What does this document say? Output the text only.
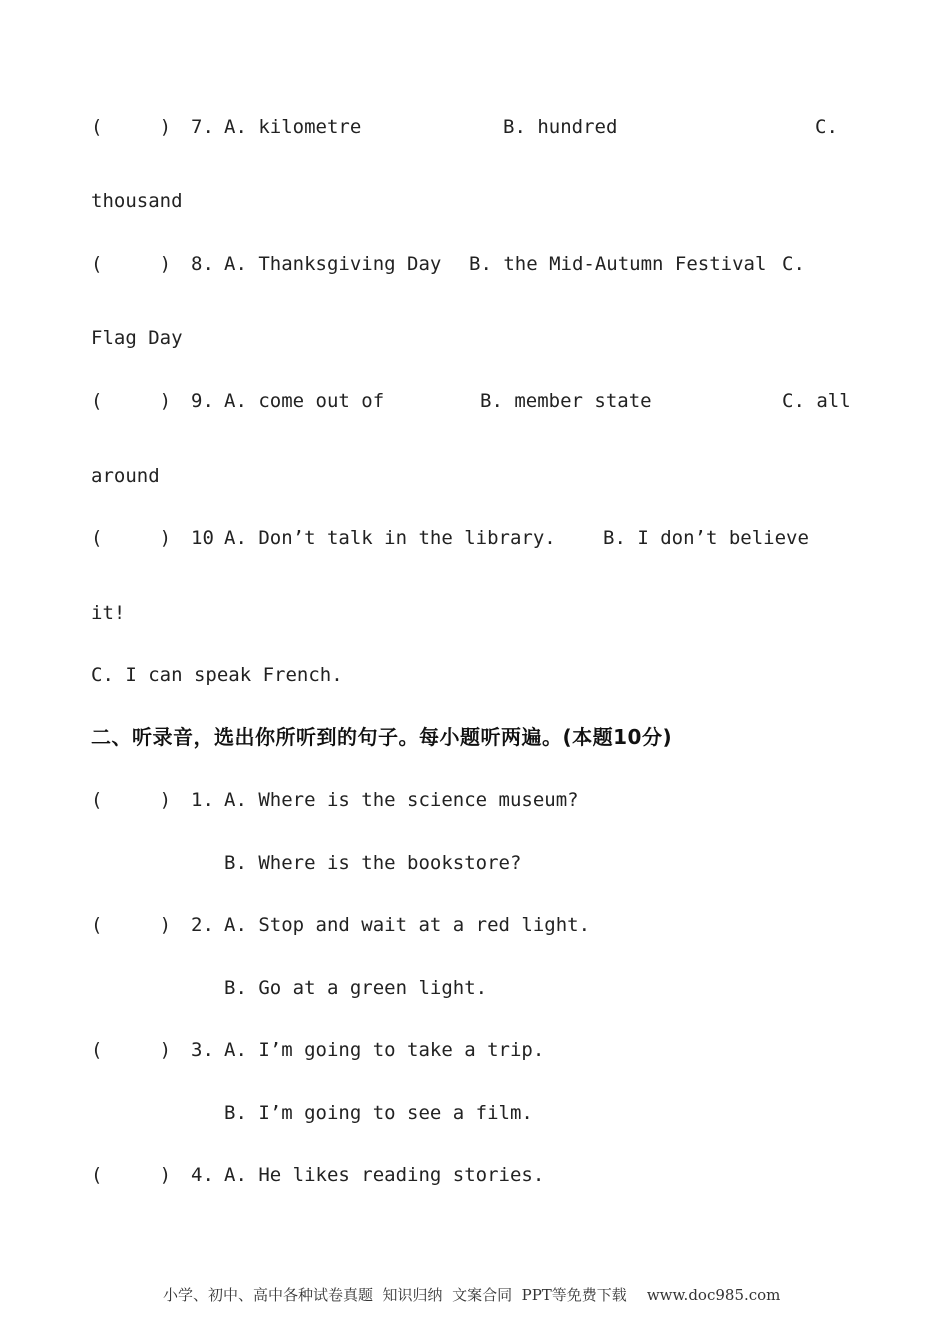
(     ) 7. A. kilometre	B. hundred	C.
thousand
(     ) 8. A. Thanksgiving Day B. the Mid-Autumn Festival C.
Flag Day
(     ) 9. A. come out of	B. member state	C. all
around
(     ) 10 A. Don’t talk in the library. B. I don’t believe
it!
C. I can speak French.
二、听录音，选出你所听到的句子。每小题听两遍。(本题10分)
(     ) 1. A. Where is the science museum?
B. Where is the bookstore?
(     ) 2. A. Stop and wait at a red light.
B. Go at a green light.
(     ) 3. A. I’m going to take a trip.
B. I’m going to see a film.
(     ) 4. A. He likes reading stories.
小学、初中、高中各种试卷真题  知识归纳  文案合同  PPT等免费下载 www.doc985.com
